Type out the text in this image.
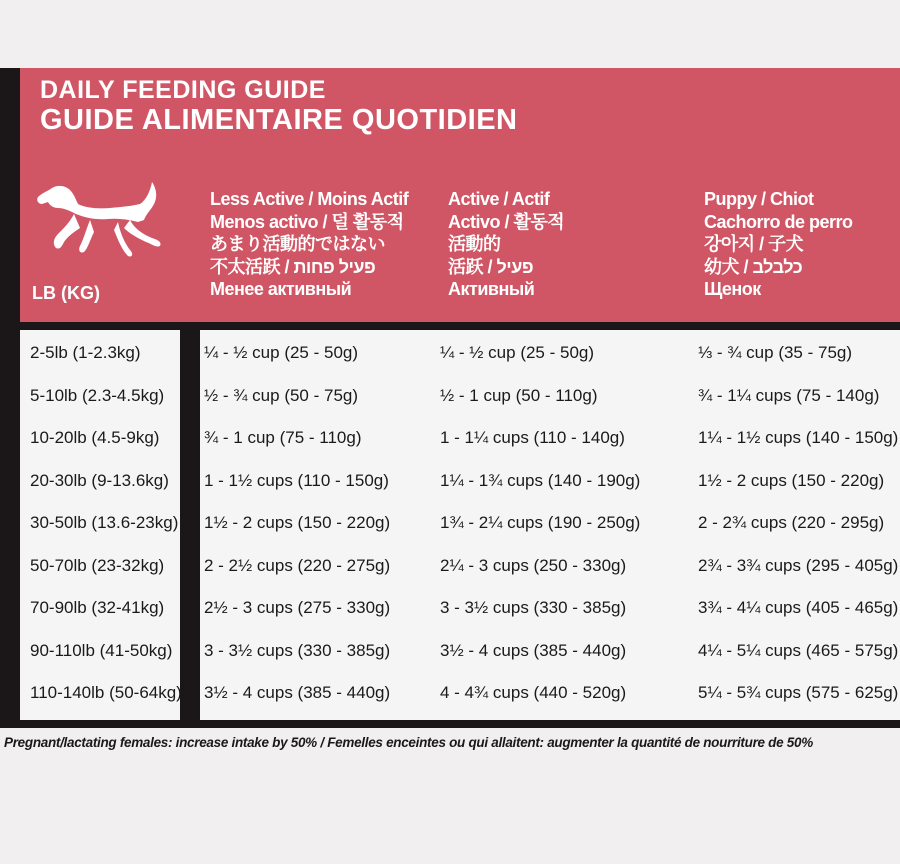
DAILY FEEDING GUIDE
GUIDE ALIMENTAIRE QUOTIDIEN
LB (KG)
Less Active / Moins Actif
Menos activo / 덜 활동적
あまり活動的ではない
不太活跃 / פעיל פחות
Менее активный
Active / Actif
Activo / 활동적
活動的
活跃 / פעיל
Активный
Puppy / Chiot
Cachorro de perro
강아지 / 子犬
幼犬 / כלבלב
Щенок
2-5lb (1-2.3kg)	¼ - ½ cup (25 - 50g)	¼ - ½ cup (25 - 50g)	⅓ - ¾ cup (35 - 75g)
5-10lb (2.3-4.5kg) ½ - ¾ cup (50 - 75g)	½ - 1 cup (50 - 110g)	¾ - 1¼ cups (75 - 140g)
10-20lb (4.5-9kg)	¾ - 1 cup (75 - 110g)	1 - 1¼ cups (110 - 140g)	1¼ - 1½ cups (140 - 150g)
20-30lb (9-13.6kg) 1 - 1½ cups (110 - 150g)	1¼ - 1¾ cups (140 - 190g)	1½ - 2 cups (150 - 220g)
30-50lb (13.6-23kg) 1½ - 2 cups (150 - 220g)	1¾ - 2¼ cups (190 - 250g)	2 - 2¾ cups (220 - 295g)
50-70lb (23-32kg) 2 - 2½ cups (220 - 275g)	2¼ - 3 cups (250 - 330g)	2¾ - 3¾ cups (295 - 405g)
70-90lb (32-41kg) 2½ - 3 cups (275 - 330g)	3 - 3½ cups (330 - 385g)	3¾ - 4¼ cups (405 - 465g)
90-110lb (41-50kg) 3 - 3½ cups (330 - 385g)	3½ - 4 cups (385 - 440g)	4¼ - 5¼ cups (465 - 575g)
110-140lb (50-64kg) 3½ - 4 cups (385 - 440g)	4 - 4¾ cups (440 - 520g)	5¼ - 5¾ cups (575 - 625g)
Pregnant/lactating females: increase intake by 50% / Femelles enceintes ou qui allaitent: augmenter la quantité de nourriture de 50%
